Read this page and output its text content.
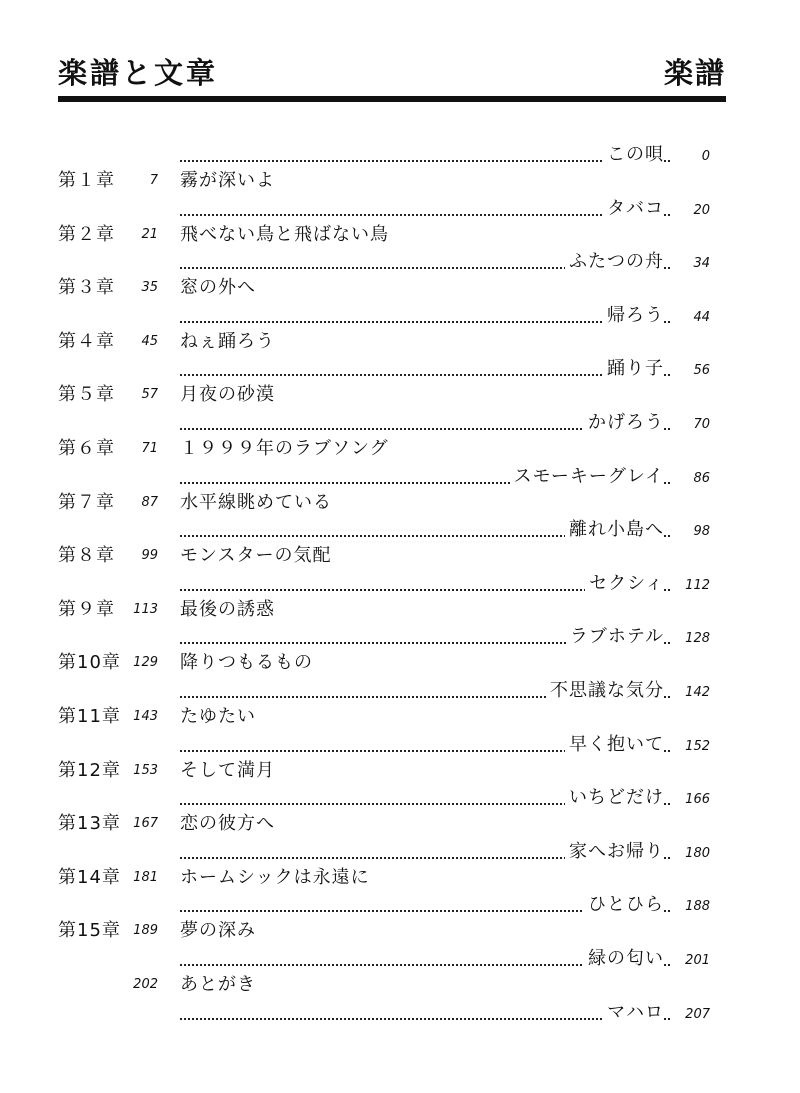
楽譜と文章	楽譜
この唄	0
第１章	7 霧が深いよ
タバコ	20
第２章 21 飛べない鳥と飛ばない鳥
ふたつの舟	34
第３章 35 窓の外へ
帰ろう	44
第４章 45 ねぇ踊ろう
踊り子	56
第５章 57 月夜の砂漠
かげろう	70
第６章 71 １９９９年のラブソング
スモーキーグレイ	86
第７章 87 水平線眺めている
離れ小島へ	98
第８章 99 モンスターの気配
セクシィ	112
第９章 113 最後の誘惑
ラブホテル	128
第10章 129 降りつもるもの
不思議な気分	142
第11章 143 たゆたい
早く抱いて	152
第12章 153 そして満月
いちどだけ	166
第13章 167 恋の彼方へ
家へお帰り	180
第14章 181 ホームシックは永遠に
ひとひら	188
第15章 189 夢の深み
緑の匂い	201
202 あとがき
マハロ	207
